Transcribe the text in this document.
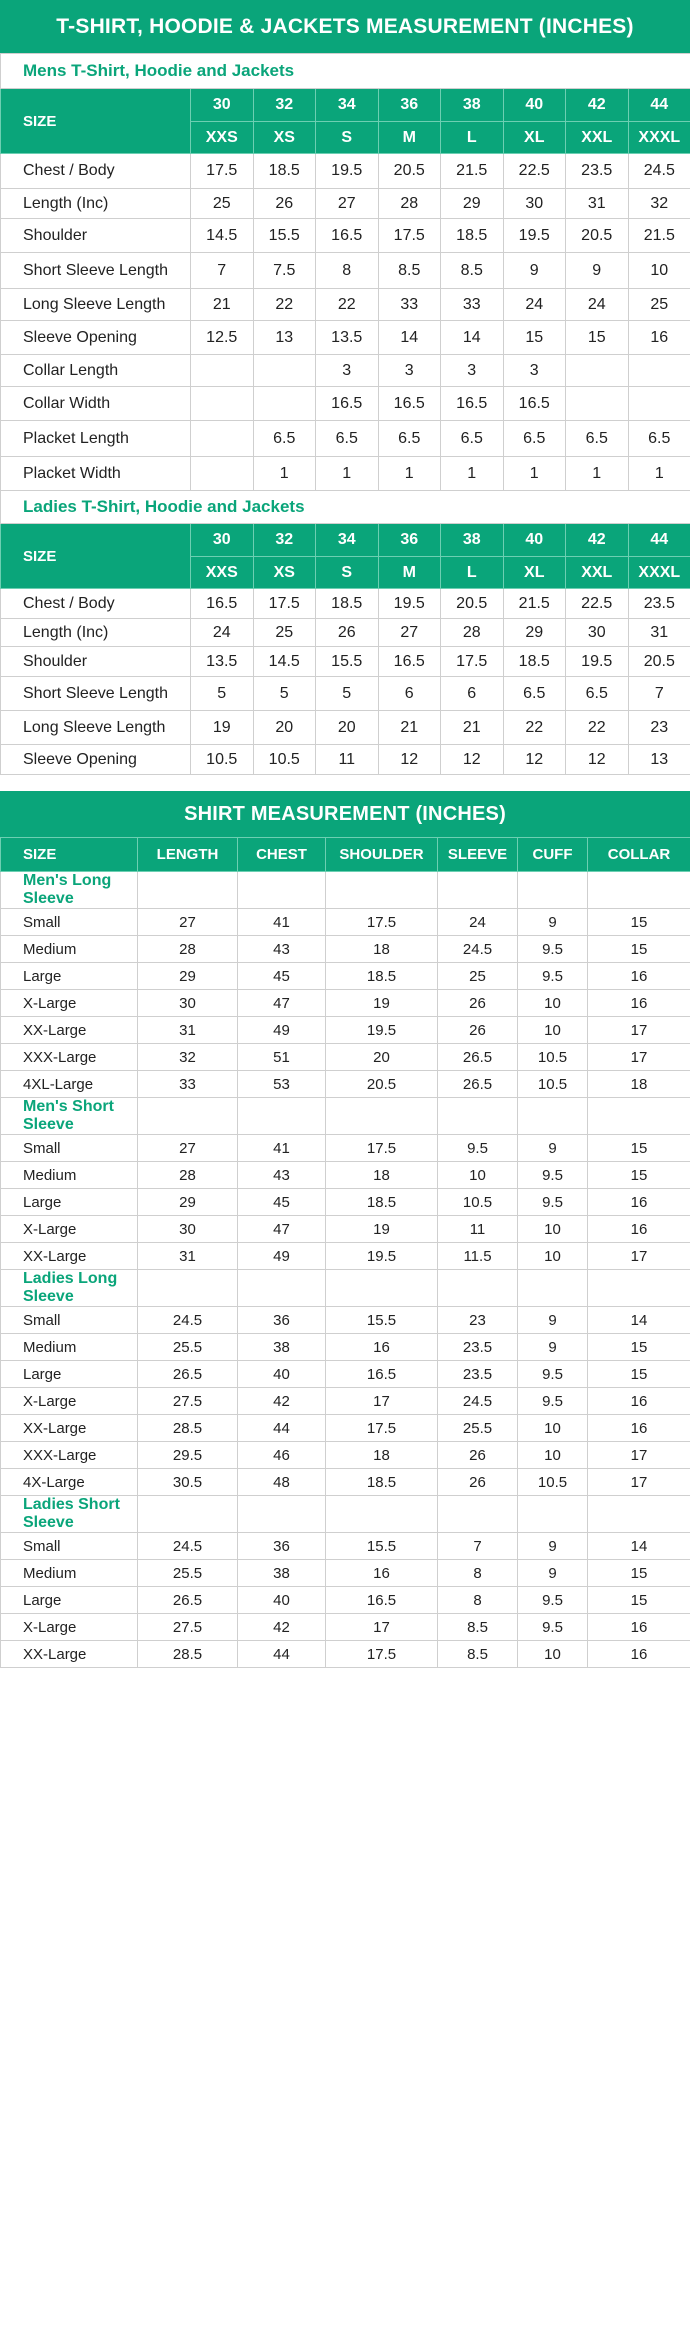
T-SHIRT, HOODIE & JACKETS MEASUREMENT (INCHES)
Mens T-Shirt, Hoodie and Jackets								
SIZE	30	32	34	36	38	40	42	44
	XXS	XS	S	M	L	XL	XXL	XXXL
Chest / Body	17.5	18.5	19.5	20.5	21.5	22.5	23.5	24.5
Length (Inc)	25	26	27	28	29	30	31	32
Shoulder	14.5	15.5	16.5	17.5	18.5	19.5	20.5	21.5
Short Sleeve Length	7	7.5	8	8.5	8.5	9	9	10
Long Sleeve Length	21	22	22	33	33	24	24	25
Sleeve Opening	12.5	13	13.5	14	14	15	15	16
Collar Length			3	3	3	3		
Collar Width			16.5	16.5	16.5	16.5		
Placket Length		6.5	6.5	6.5	6.5	6.5	6.5	6.5
Placket Width		1	1	1	1	1	1	1
Ladies T-Shirt, Hoodie and Jackets								
SIZE	30	32	34	36	38	40	42	44
	XXS	XS	S	M	L	XL	XXL	XXXL
Chest / Body	16.5	17.5	18.5	19.5	20.5	21.5	22.5	23.5
Length (Inc)	24	25	26	27	28	29	30	31
Shoulder	13.5	14.5	15.5	16.5	17.5	18.5	19.5	20.5
Short Sleeve Length	5	5	5	6	6	6.5	6.5	7
Long Sleeve Length	19	20	20	21	21	22	22	23
Sleeve Opening	10.5	10.5	11	12	12	12	12	13
SHIRT MEASUREMENT (INCHES)
SIZE	LENGTH	CHEST	SHOULDER	SLEEVE	CUFF	COLLAR
Men's Long Sleeve						
Small	27	41	17.5	24	9	15
Medium	28	43	18	24.5	9.5	15
Large	29	45	18.5	25	9.5	16
X-Large	30	47	19	26	10	16
XX-Large	31	49	19.5	26	10	17
XXX-Large	32	51	20	26.5	10.5	17
4XL-Large	33	53	20.5	26.5	10.5	18
Men's Short Sleeve						
Small	27	41	17.5	9.5	9	15
Medium	28	43	18	10	9.5	15
Large	29	45	18.5	10.5	9.5	16
X-Large	30	47	19	11	10	16
XX-Large	31	49	19.5	11.5	10	17
Ladies Long Sleeve						
Small	24.5	36	15.5	23	9	14
Medium	25.5	38	16	23.5	9	15
Large	26.5	40	16.5	23.5	9.5	15
X-Large	27.5	42	17	24.5	9.5	16
XX-Large	28.5	44	17.5	25.5	10	16
XXX-Large	29.5	46	18	26	10	17
4X-Large	30.5	48	18.5	26	10.5	17
Ladies Short Sleeve						
Small	24.5	36	15.5	7	9	14
Medium	25.5	38	16	8	9	15
Large	26.5	40	16.5	8	9.5	15
X-Large	27.5	42	17	8.5	9.5	16
XX-Large	28.5	44	17.5	8.5	10	16
